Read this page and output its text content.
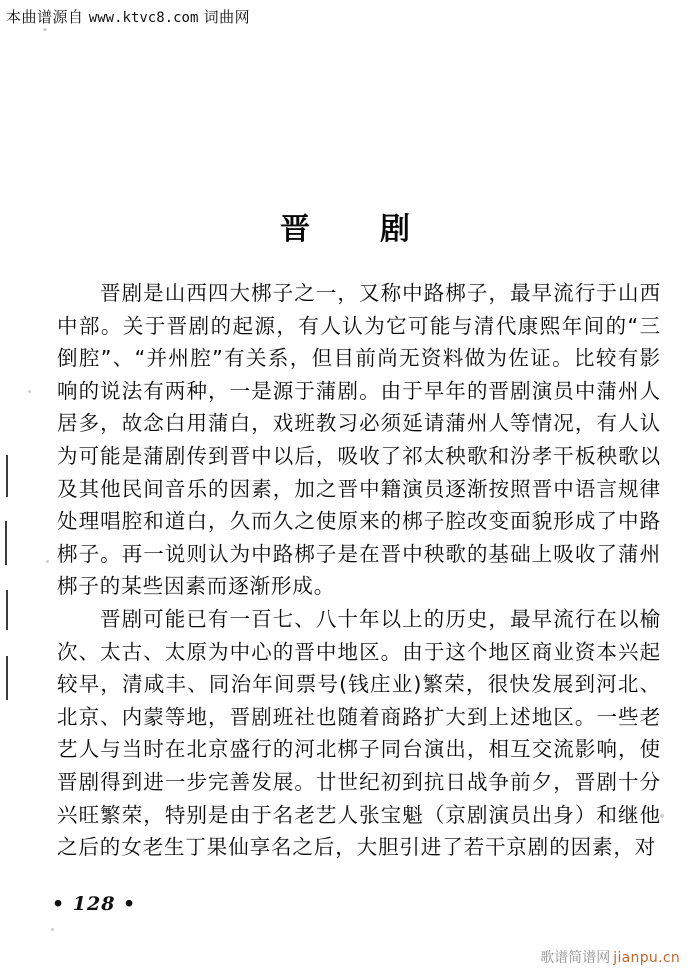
本曲谱源自 www.ktvc8.com 词曲网
晋剧

晋剧是山西四大梆子之一，又称中路梆子，最早流行于山西中部。关于晋剧的起源，有人认为它可能与清代康熙年间的“三倒腔”、“并州腔”有关系，但目前尚无资料做为佐证。比较有影响的说法有两种，一是源于蒲剧。由于早年的晋剧演员中蒲州人居多，故念白用蒲白，戏班教习必须延请蒲州人等情况，有人认为可能是蒲剧传到晋中以后，吸收了祁太秧歌和汾孝干板秧歌以及其他民间音乐的因素，加之晋中籍演员逐渐按照晋中语言规律处理唱腔和道白，久而久之使原来的梆子腔改变面貌形成了中路梆子。再一说则认为中路梆子是在晋中秧歌的基础上吸收了蒲州梆子的某些因素而逐渐形成。

晋剧可能已有一百七、八十年以上的历史，最早流行在以榆次、太古、太原为中心的晋中地区。由于这个地区商业资本兴起较早，清咸丰、同治年间票号(钱庄业)繁荣，很快发展到河北、北京、内蒙等地，晋剧班社也随着商路扩大到上述地区。一些老艺人与当时在北京盛行的河北梆子同台演出，相互交流影响，使晋剧得到进一步完善发展。廿世纪初到抗日战争前夕，晋剧十分兴旺繁荣，特别是由于名老艺人张宝魁（京剧演员出身）和继他之后的女老生丁果仙享名之后，大胆引进了若干京剧的因素，对

• 128 •
歌谱简谱网 jianpu.cn
